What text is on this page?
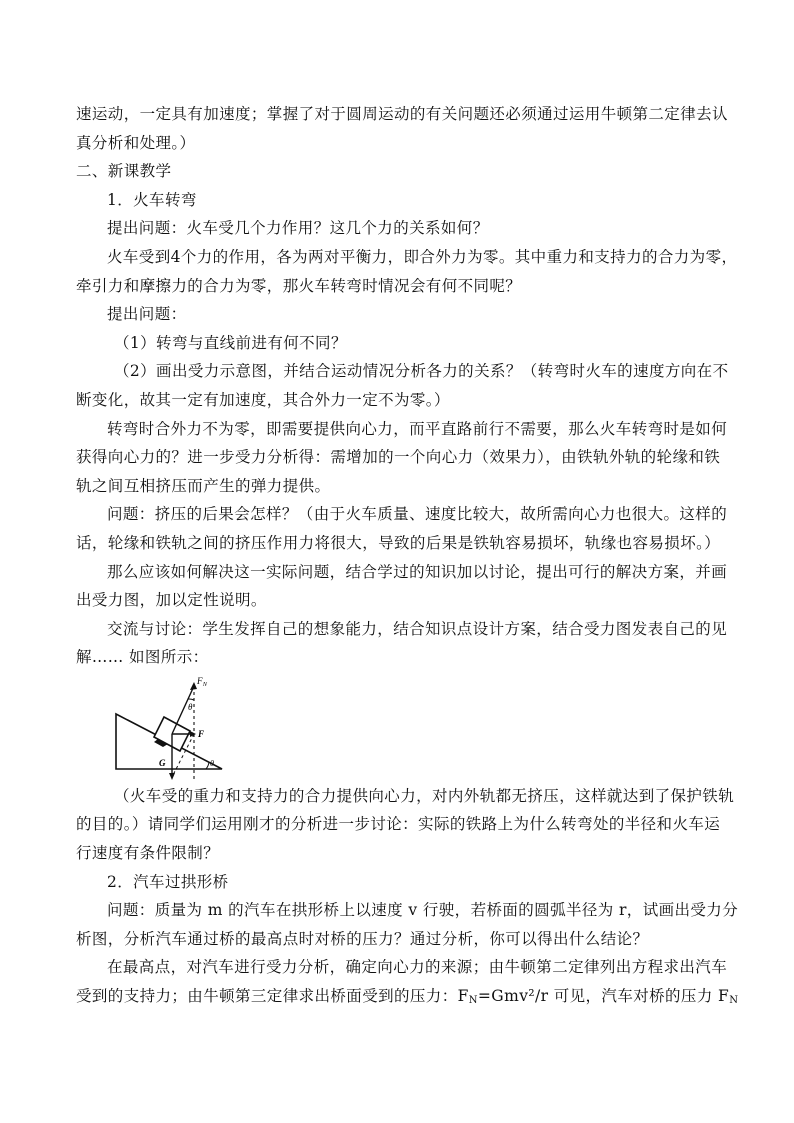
速运动，一定具有加速度；掌握了对于圆周运动的有关问题还必须通过运用牛顿第二定律去认
真分析和处理。）
二、新课教学
1．火车转弯
提出问题：火车受几个力作用？这几个力的关系如何？
火车受到4个力的作用，各为两对平衡力，即合外力为零。其中重力和支持力的合力为零，
牵引力和摩擦力的合力为零，那火车转弯时情况会有何不同呢？
提出问题：
（1）转弯与直线前进有何不同？
（2）画出受力示意图，并结合运动情况分析各力的关系？（转弯时火车的速度方向在不
断变化，故其一定有加速度，其合外力一定不为零。）
转弯时合外力不为零，即需要提供向心力，而平直路前行不需要，那么火车转弯时是如何
获得向心力的？进一步受力分析得：需增加的一个向心力（效果力），由铁轨外轨的轮缘和铁
轨之间互相挤压而产生的弹力提供。
问题：挤压的后果会怎样？（由于火车质量、速度比较大，故所需向心力也很大。这样的
话，轮缘和铁轨之间的挤压作用力将很大，导致的后果是铁轨容易损坏，轨缘也容易损坏。）
那么应该如何解决这一实际问题，结合学过的知识加以讨论，提出可行的解决方案，并画
出受力图，加以定性说明。
交流与讨论：学生发挥自己的想象能力，结合知识点设计方案，结合受力图发表自己的见
解…… 如图所示：
$F_N$
θ
F
G	θ
（火车受的重力和支持力的合力提供向心力，对内外轨都无挤压，这样就达到了保护铁轨
的目的。）请同学们运用刚才的分析进一步讨论：实际的铁路上为什么转弯处的半径和火车运
行速度有条件限制？
2．汽车过拱形桥
问题：质量为 m 的汽车在拱形桥上以速度 v 行驶，若桥面的圆弧半径为 r，试画出受力分
析图，分析汽车通过桥的最高点时对桥的压力？通过分析，你可以得出什么结论？
在最高点，对汽车进行受力分析，确定向心力的来源；由牛顿第二定律列出方程求出汽车
受到的支持力；由牛顿第三定律求出桥面受到的压力：$F_N=Gmv^2/r$ 可见，汽车对桥的压力 $F_N$
